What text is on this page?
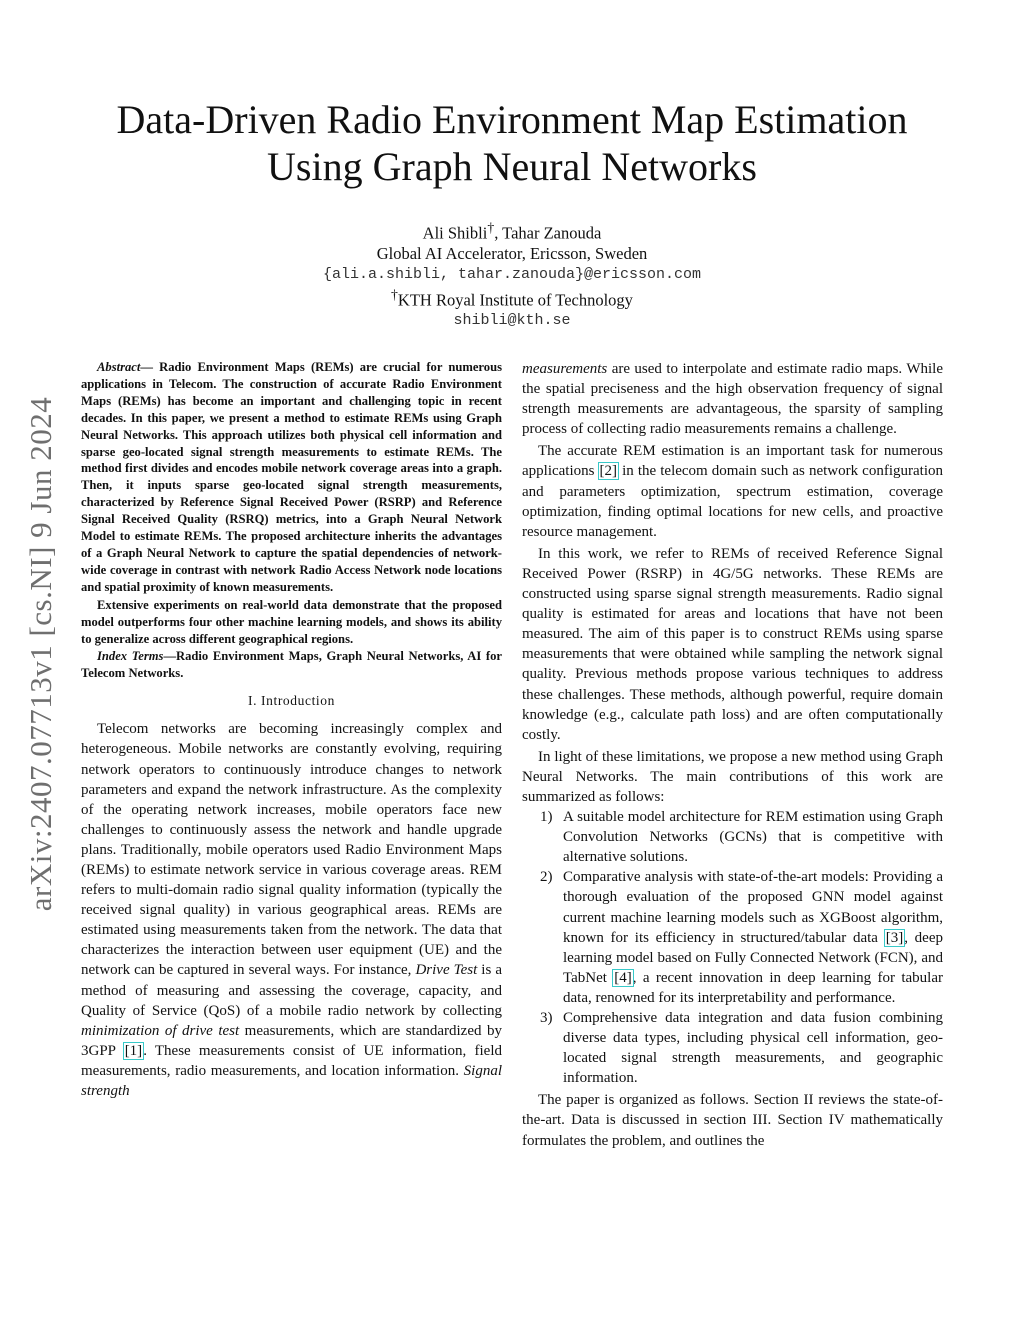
arXiv:2407.07713v1 [cs.NI] 9 Jun 2024
Data-Driven Radio Environment Map Estimation
Using Graph Neural Networks
Ali Shibli†, Tahar Zanouda
Global AI Accelerator, Ericsson, Sweden
{ali.a.shibli, tahar.zanouda}@ericsson.com
†KTH Royal Institute of Technology
shibli@kth.se

Abstract— Radio Environment Maps (REMs) are crucial for numerous applications in Telecom. The construction of accurate Radio Environment Maps (REMs) has become an important and challenging topic in recent decades. In this paper, we present a method to estimate REMs using Graph Neural Networks. This approach utilizes both physical cell information and sparse geo-located signal strength measurements to estimate REMs. The method first divides and encodes mobile network coverage areas into a graph. Then, it inputs sparse geo-located signal strength measurements, characterized by Reference Signal Received Power (RSRP) and Reference Signal Received Quality (RSRQ) metrics, into a Graph Neural Network Model to estimate REMs. The proposed architecture inherits the advantages of a Graph Neural Network to capture the spatial dependencies of network-wide coverage in contrast with network Radio Access Network node locations and spatial proximity of known measurements.

Extensive experiments on real-world data demonstrate that the proposed model outperforms four other machine learning models, and shows its ability to generalize across different geographical regions.

Index Terms—Radio Environment Maps, Graph Neural Networks, AI for Telecom Networks.

I. Introduction

Telecom networks are becoming increasingly complex and heterogeneous. Mobile networks are constantly evolving, requiring network operators to continuously introduce changes to network parameters and expand the network infrastructure. As the complexity of the operating network increases, mobile operators face new challenges to continuously assess the network and handle upgrade plans. Traditionally, mobile operators used Radio Environment Maps (REMs) to estimate network service in various coverage areas. REM refers to multi-domain radio signal quality information (typically the received signal quality) in various geographical areas. REMs are estimated using measurements taken from the network. The data that characterizes the interaction between user equipment (UE) and the network can be captured in several ways. For instance, Drive Test is a method of measuring and assessing the coverage, capacity, and Quality of Service (QoS) of a mobile radio network by collecting minimization of drive test measurements, which are standardized by 3GPP [1]. These measurements consist of UE information, field measurements, radio measurements, and location information. Signal strength

measurements are used to interpolate and estimate radio maps. While the spatial preciseness and the high observation frequency of signal strength measurements are advantageous, the sparsity of sampling process of collecting radio measurements remains a challenge.

The accurate REM estimation is an important task for numerous applications [2] in the telecom domain such as network configuration and parameters optimization, spectrum estimation, coverage optimization, finding optimal locations for new cells, and proactive resource management.

In this work, we refer to REMs of received Reference Signal Received Power (RSRP) in 4G/5G networks. These REMs are constructed using sparse signal strength measurements. Radio signal quality is estimated for areas and locations that have not been measured. The aim of this paper is to construct REMs using sparse measurements that were obtained while sampling the network signal quality. Previous methods propose various techniques to address these challenges. These methods, although powerful, require domain knowledge (e.g., calculate path loss) and are often computationally costly.

In light of these limitations, we propose a new method using Graph Neural Networks. The main contributions of this work are summarized as follows:

1) A suitable model architecture for REM estimation using Graph Convolution Networks (GCNs) that is competitive with alternative solutions.
2) Comparative analysis with state-of-the-art models: Providing a thorough evaluation of the proposed GNN model against current machine learning models such as XGBoost algorithm, known for its efficiency in structured/tabular data [3], deep learning model based on Fully Connected Network (FCN), and TabNet [4], a recent innovation in deep learning for tabular data, renowned for its interpretability and performance.
3) Comprehensive data integration and data fusion combining diverse data types, including physical cell information, geo-located signal strength measurements, and geographic information.

The paper is organized as follows. Section II reviews the state-of-the-art. Data is discussed in section III. Section IV mathematically formulates the problem, and outlines the
